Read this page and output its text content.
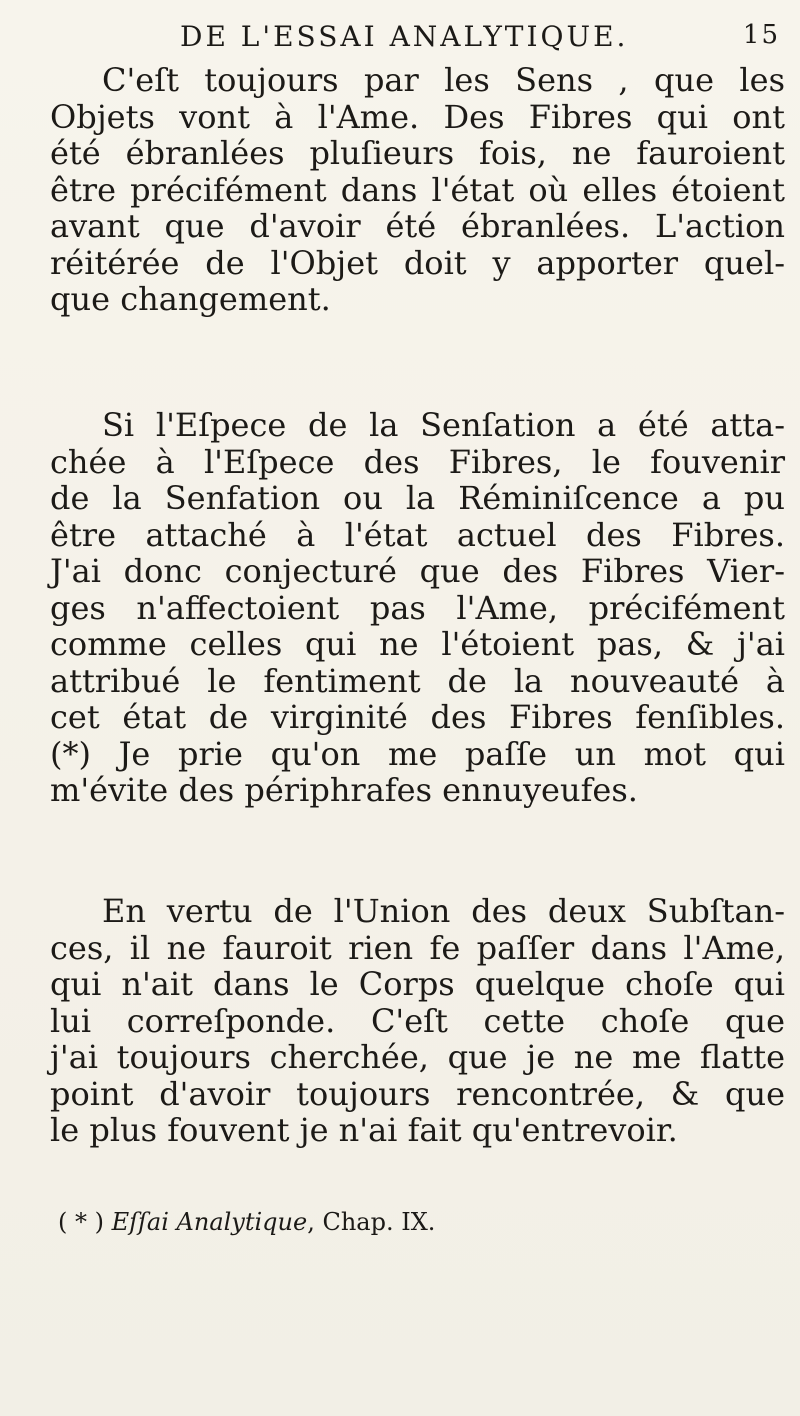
DE L'ESSAI ANALYTIQUE.	15
C'eſt toujours par les Sens , que les
Objets vont à l'Ame. Des Fibres qui ont
été ébranlées pluſieurs fois, ne fauroient
être précifément dans l'état où elles étoient
avant que d'avoir été ébranlées. L'action
réitérée de l'Objet doit y apporter quel-
que changement.
Si l'Eſpece de la Senſation a été atta-
chée à l'Eſpece des Fibres, le fouvenir
de la Senfation ou la Réminiſcence a pu
être attaché à l'état actuel des Fibres.
J'ai donc conjecturé que des Fibres Vier-
ges n'affectoient pas l'Ame, précifément
comme celles qui ne l'étoient pas, & j'ai
attribué le fentiment de la nouveauté à
cet état de virginité des Fibres fenſibles.
(*) Je prie qu'on me paſſe un mot qui
m'évite des périphrafes ennuyeufes.
En vertu de l'Union des deux Subſtan-
ces, il ne fauroit rien fe paſſer dans l'Ame,
qui n'ait dans le Corps quelque choſe qui
lui correſponde. C'eſt cette choſe que
j'ai toujours cherchée, que je ne me flatte
point d'avoir toujours rencontrée, & que
le plus fouvent je n'ai fait qu'entrevoir.
( * ) Eſſai Analytique, Chap. IX.
